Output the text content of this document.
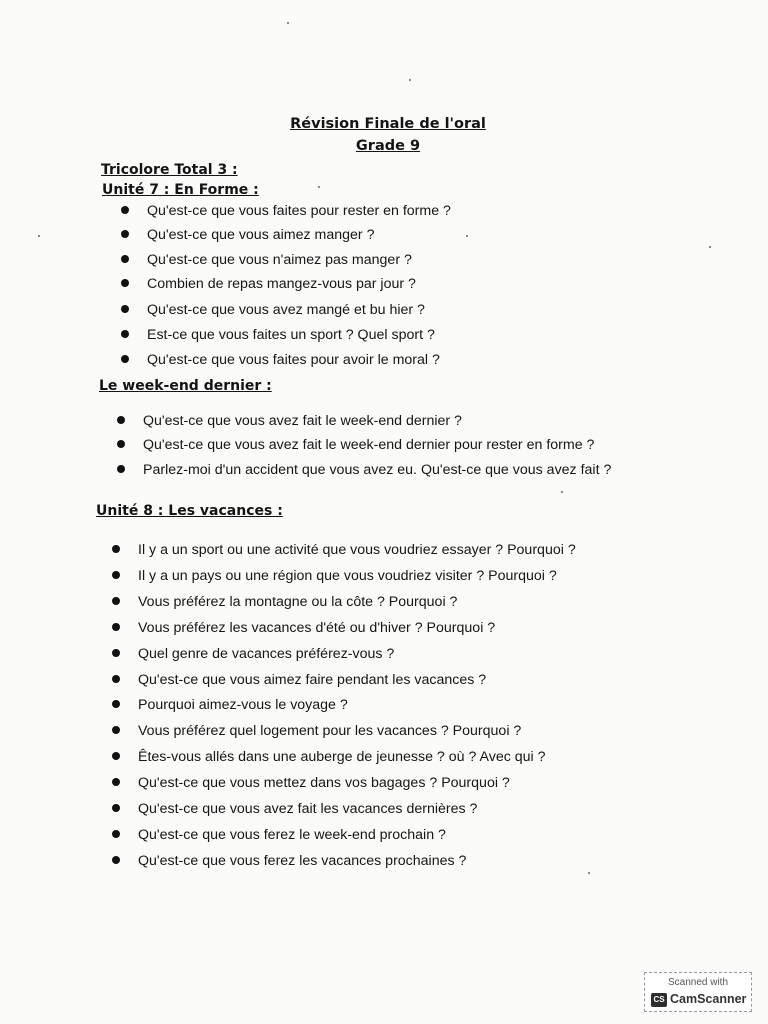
Révision Finale de l'oral
Grade 9
Tricolore Total 3 :
Unité 7 : En Forme :
Qu'est-ce que vous faites pour rester en forme ?
Qu'est-ce que vous aimez manger ?
Qu'est-ce que vous n'aimez pas manger ?
Combien de repas mangez-vous par jour ?
Qu'est-ce que vous avez mangé et bu hier ?
Est-ce que vous faites un sport ? Quel sport ?
Qu'est-ce que vous faites pour avoir le moral ?
Le week-end dernier :
Qu'est-ce que vous avez fait le week-end dernier ?
Qu'est-ce que vous avez fait le week-end dernier pour rester en forme ?
Parlez-moi d'un accident que vous avez eu. Qu'est-ce que vous avez fait ?
Unité 8 : Les vacances :
Il y a un sport ou une activité que vous voudriez essayer ? Pourquoi ?
Il y a un pays ou une région que vous voudriez visiter ? Pourquoi ?
Vous préférez la montagne ou la côte ? Pourquoi ?
Vous préférez les vacances d'été ou d'hiver ? Pourquoi ?
Quel genre de vacances préférez-vous ?
Qu'est-ce que vous aimez faire pendant les vacances ?
Pourquoi aimez-vous le voyage ?
Vous préférez quel logement pour les vacances ? Pourquoi ?
Êtes-vous allés dans une auberge de jeunesse ? où ? Avec qui ?
Qu'est-ce que vous mettez dans vos bagages ? Pourquoi ?
Qu'est-ce que vous avez fait les vacances dernières ?
Qu'est-ce que vous ferez le week-end prochain ?
Qu'est-ce que vous ferez les vacances prochaines ?
Scanned with
CS CamScanner
